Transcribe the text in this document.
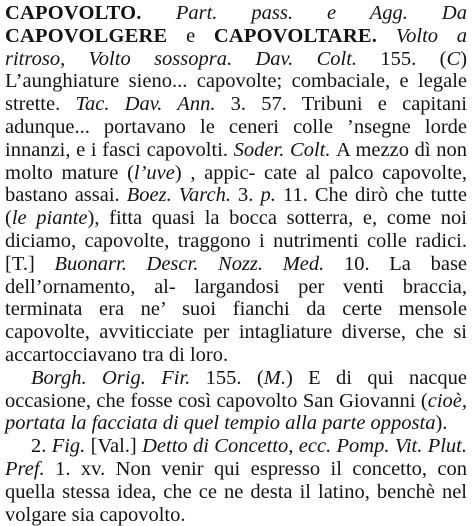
CAPOVOLTO. Part. pass. e Agg. Da CAPOVOLGERE e CAPOVOLTARE. Volto a ritroso, Volto sossopra. Dav. Colt. 155. (C) L’aunghiature sieno... capovolte; combaciale, e legale strette. Tac. Dav. Ann. 3. 57. Tribuni e capitani adunque... portavano le ceneri colle ’nsegne lorde innanzi, e i fasci capovolti. Soder. Colt. A mezzo dì non molto mature (l’uve) , appic- cate al palco capovolte, bastano assai. Boez. Varch. 3. p. 11. Che dirò che tutte (le piante), fitta quasi la bocca sotterra, e, come noi diciamo, capovolte, traggono i nutrimenti colle radici. [T.] Buonarr. Descr. Nozz. Med. 10. La base dell’ornamento, al- largandosi per venti braccia, terminata era ne’ suoi fianchi da certe mensole capovolte, avviticciate per intagliature diverse, che si accartocciavano tra di loro.

Borgh. Orig. Fir. 155. (M.) E di qui nacque occasione, che fosse così capovolto San Giovanni (cioè, portata la facciata di quel tempio alla parte opposta).

2. Fig. [Val.] Detto di Concetto, ecc. Pomp. Vit. Plut. Pref. 1. xv. Non venir qui espresso il concetto, con quella stessa idea, che ce ne desta il latino, benchè nel volgare sia capovolto.
